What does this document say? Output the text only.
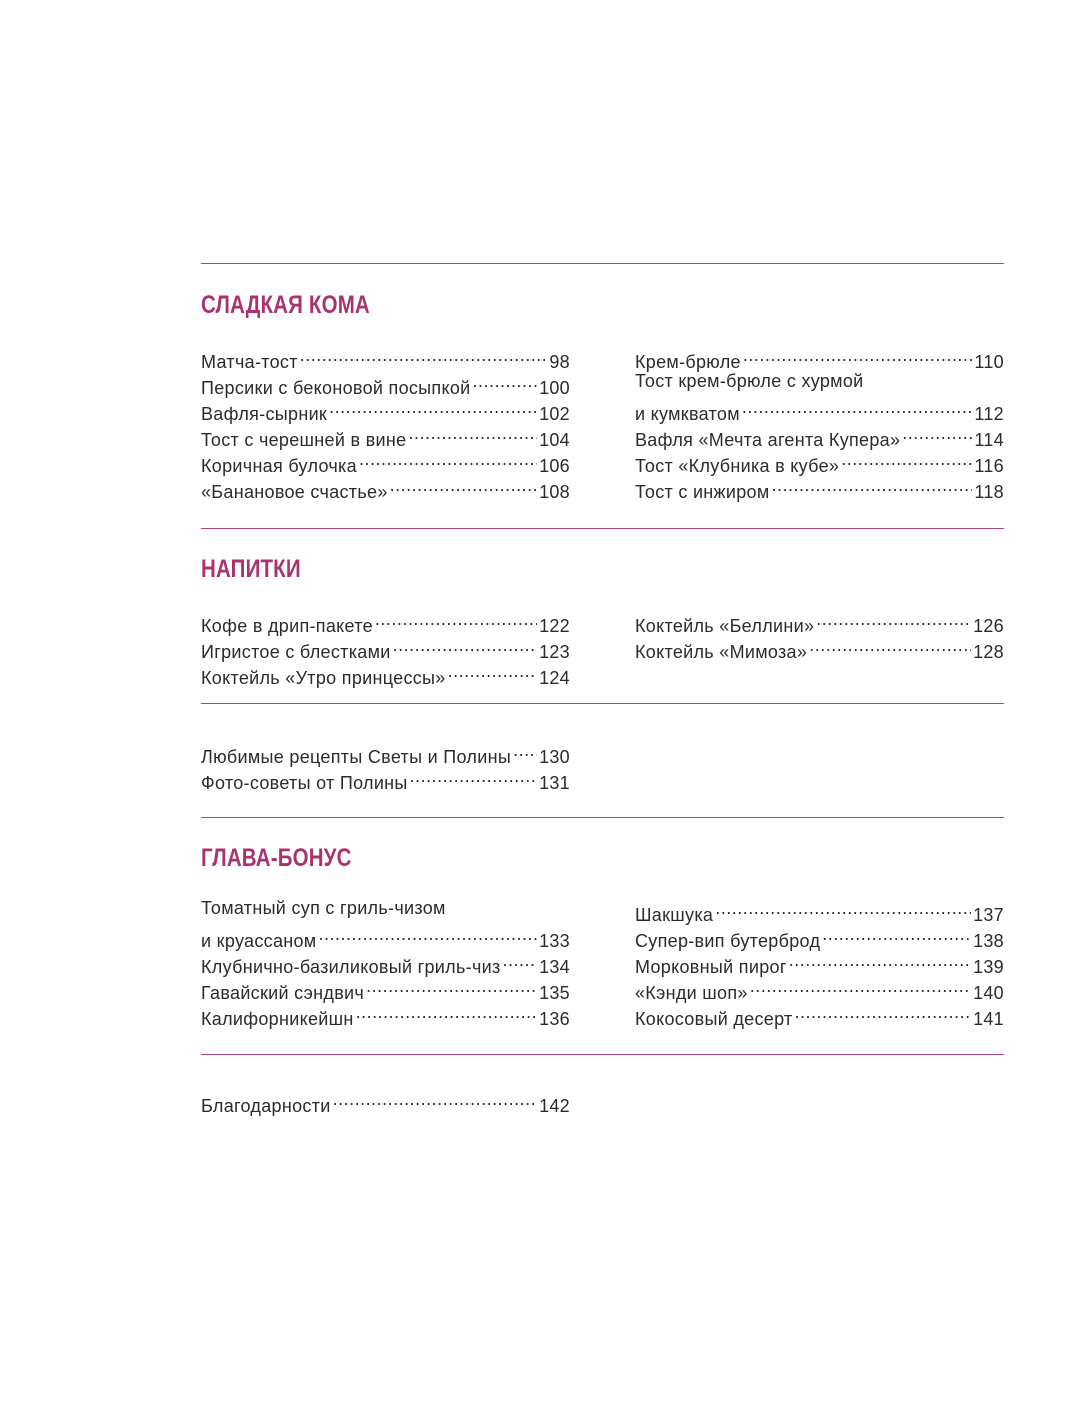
СЛАДКАЯ КОМА
Матча-тост .....	98
Персики с беконовой посыпкой .....	100
Вафля-сырник .....	102
Тост с черешней в вине .....	104
Коричная булочка .....	106
«Банановое счастье» .....	108
Крем-брюле .....	110
Тост крем-брюле с хурмой
и кумкватом .....	112
Вафля «Мечта агента Купера» .....	114
Тост «Клубника в кубе» .....	116
Тост с инжиром .....	118
НАПИТКИ
Кофе в дрип-пакете .....	122
Игристое с блестками .....	123
Коктейль «Утро принцессы» .....	124
Коктейль «Беллини» .....	126
Коктейль «Мимоза» .....	128
Любимые рецепты Светы и Полины ..... 130
Фото-советы от Полины .....	131
ГЛАВА-БОНУС
Томатный суп с гриль-чизом
и круассаном .....	133
Клубнично-базиликовый гриль-чиз ..... 134
Гавайский сэндвич .....	135
Калифорникейшн .....	136
Шакшука .....	137
Супер-вип бутерброд .....	138
Морковный пирог .....	139
«Кэнди шоп» .....	140
Кокосовый десерт .....	141
Благодарности .....	142
